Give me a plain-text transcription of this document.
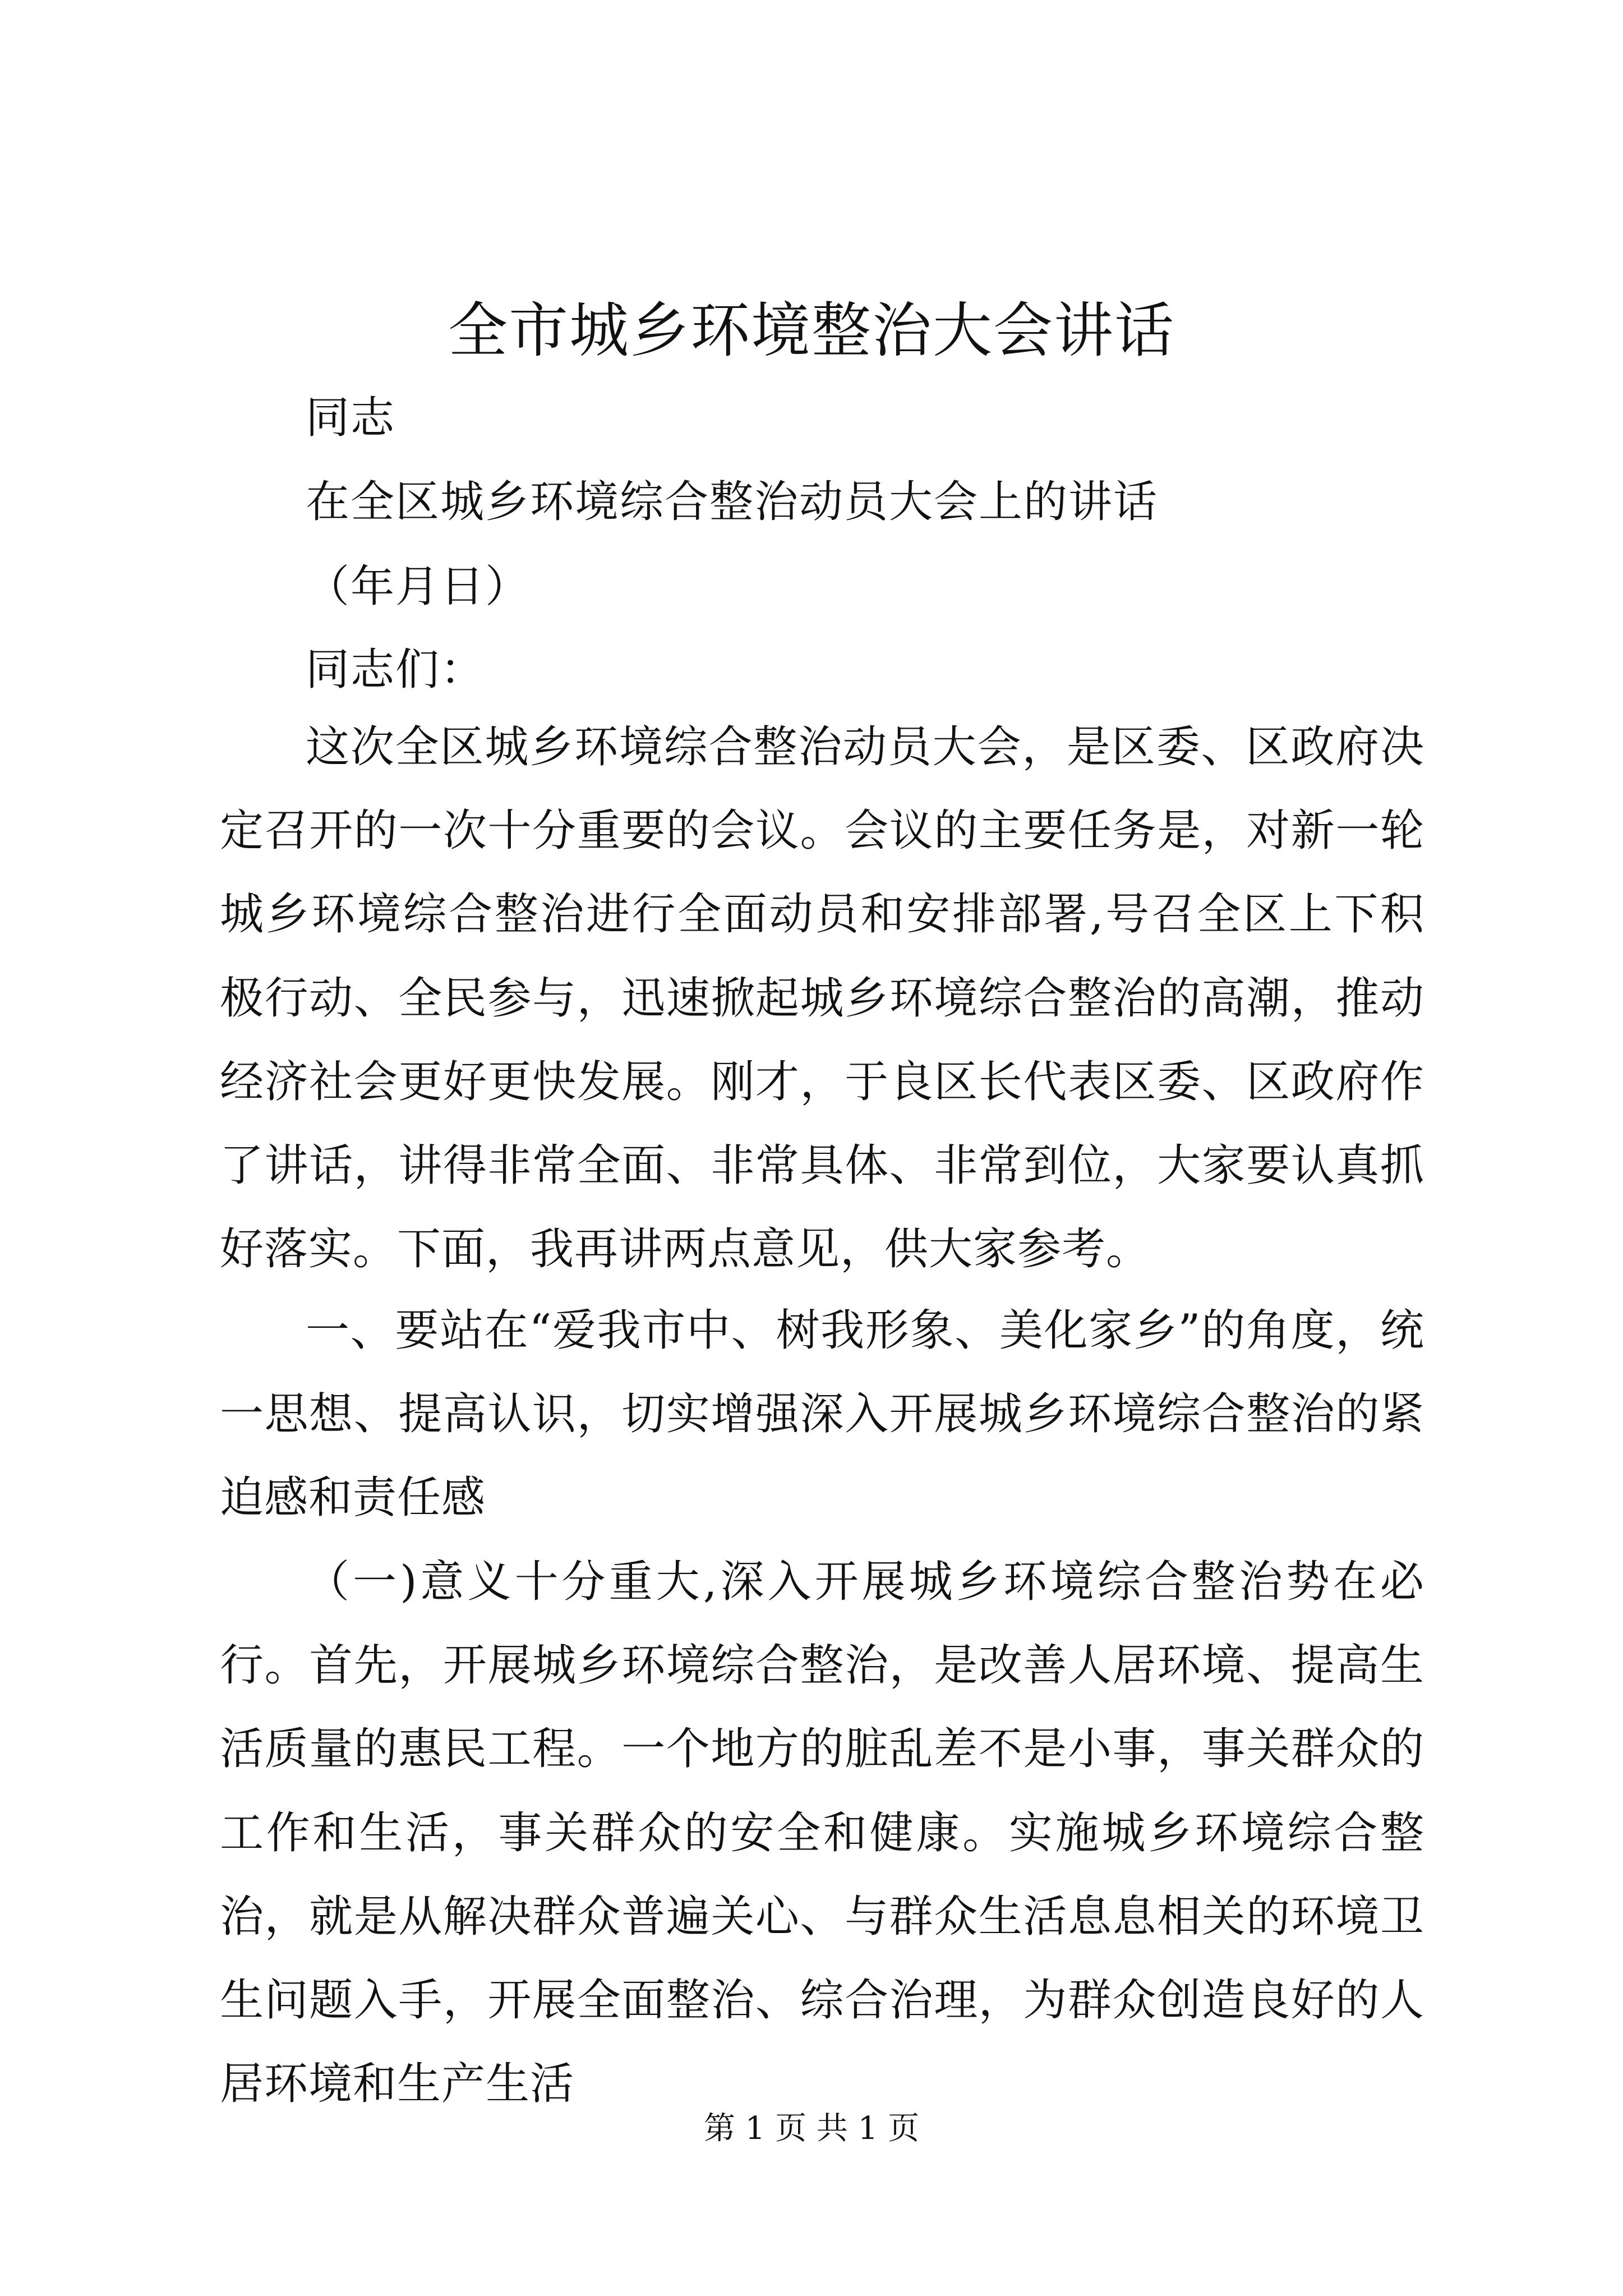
全市城乡环境整治大会讲话
同志
在全区城乡环境综合整治动员大会上的讲话
（年月日）
同志们：

这次全区城乡环境综合整治动员大会，是区委、区政府决定召开的一次十分重要的会议。会议的主要任务是，对新一轮城乡环境综合整治进行全面动员和安排部署,号召全区上下积极行动、全民参与，迅速掀起城乡环境综合整治的高潮，推动经济社会更好更快发展。刚才，于良区长代表区委、区政府作了讲话，讲得非常全面、非常具体、非常到位，大家要认真抓好落实。下面，我再讲两点意见，供大家参考。

一、要站在“爱我市中、树我形象、美化家乡”的角度，统一思想、提高认识，切实增强深入开展城乡环境综合整治的紧迫感和责任感

（一)意义十分重大,深入开展城乡环境综合整治势在必行。首先，开展城乡环境综合整治，是改善人居环境、提高生活质量的惠民工程。一个地方的脏乱差不是小事，事关群众的工作和生活，事关群众的安全和健康。实施城乡环境综合整治，就是从解决群众普遍关心、与群众生活息息相关的环境卫生问题入手，开展全面整治、综合治理，为群众创造良好的人居环境和生产生活

第 1 页 共 1 页
